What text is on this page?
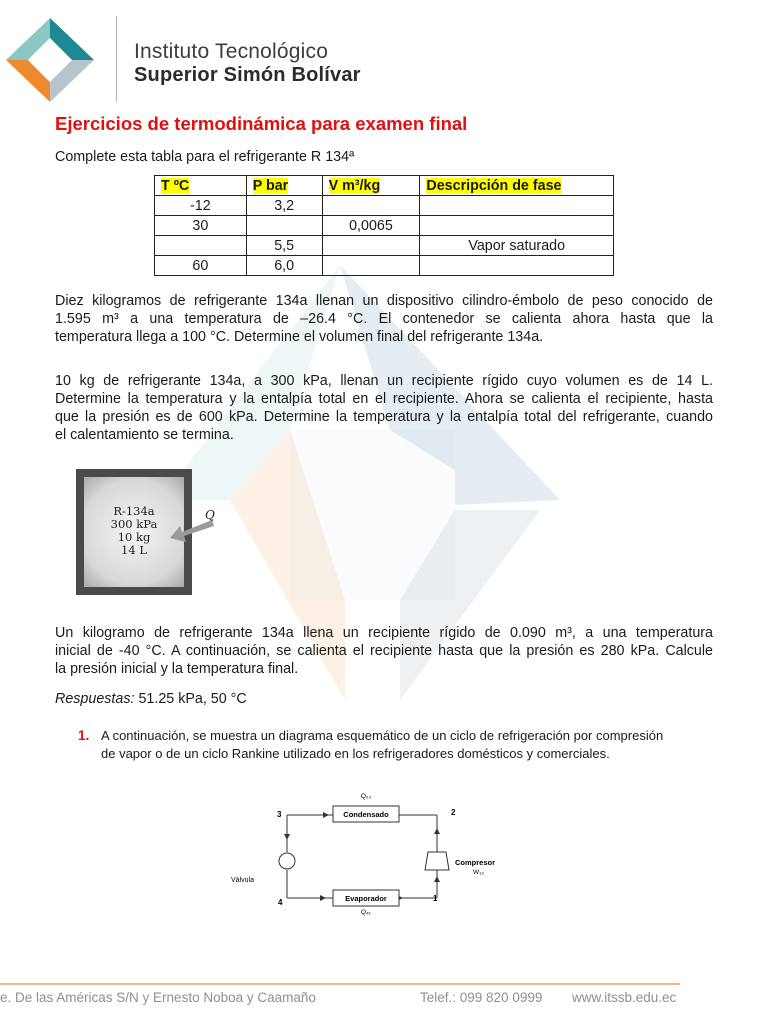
Instituto Tecnológico
Superior Simón Bolívar
Ejercicios de termodinámica para examen final
Complete esta tabla para el refrigerante R 134ª
T ºC	P bar	V m³/kg	Descripción de fase
-12	3,2		
30		0,0065	
	5,5		Vapor saturado
60	6,0		
Diez kilogramos de refrigerante 134a llenan un dispositivo cilindro-émbolo de peso conocido de
1.595 m³ a una temperatura de –26.4 °C. El contenedor se calienta ahora hasta que la
temperatura llega a 100 °C. Determine el volumen final del refrigerante 134a.
10 kg de refrigerante 134a, a 300 kPa, llenan un recipiente rígido cuyo volumen es de 14 L.
Determine la temperatura y la entalpía total en el recipiente. Ahora se calienta el recipiente, hasta
que la presión es de 600 kPa. Determine la temperatura y la entalpía total del refrigerante, cuando
el calentamiento se termina.
R-134a
300 kPa
10 kg
14 L
Q
Un kilogramo de refrigerante 134a llena un recipiente rígido de 0.090 m³, a una temperatura
inicial de -40 °C. A continuación, se calienta el recipiente hasta que la presión es 280 kPa. Calcule
la presión inicial y la temperatura final.
Respuestas: 51.25 kPa, 50 °C
1. A continuación, se muestra un diagrama esquemático de un ciclo de refrigeración por compresión
de vapor o de un ciclo Rankine utilizado en los refrigeradores domésticos y comerciales.
Condensado
Evaporador
Q₂₃
Q₄₁
Compresor
W₁₂
Válvula
3	2
4	1
e. De las Américas S/N y Ernesto Noboa y Caamaño	Telef.: 099 820 0999 www.itssb.edu.ec
